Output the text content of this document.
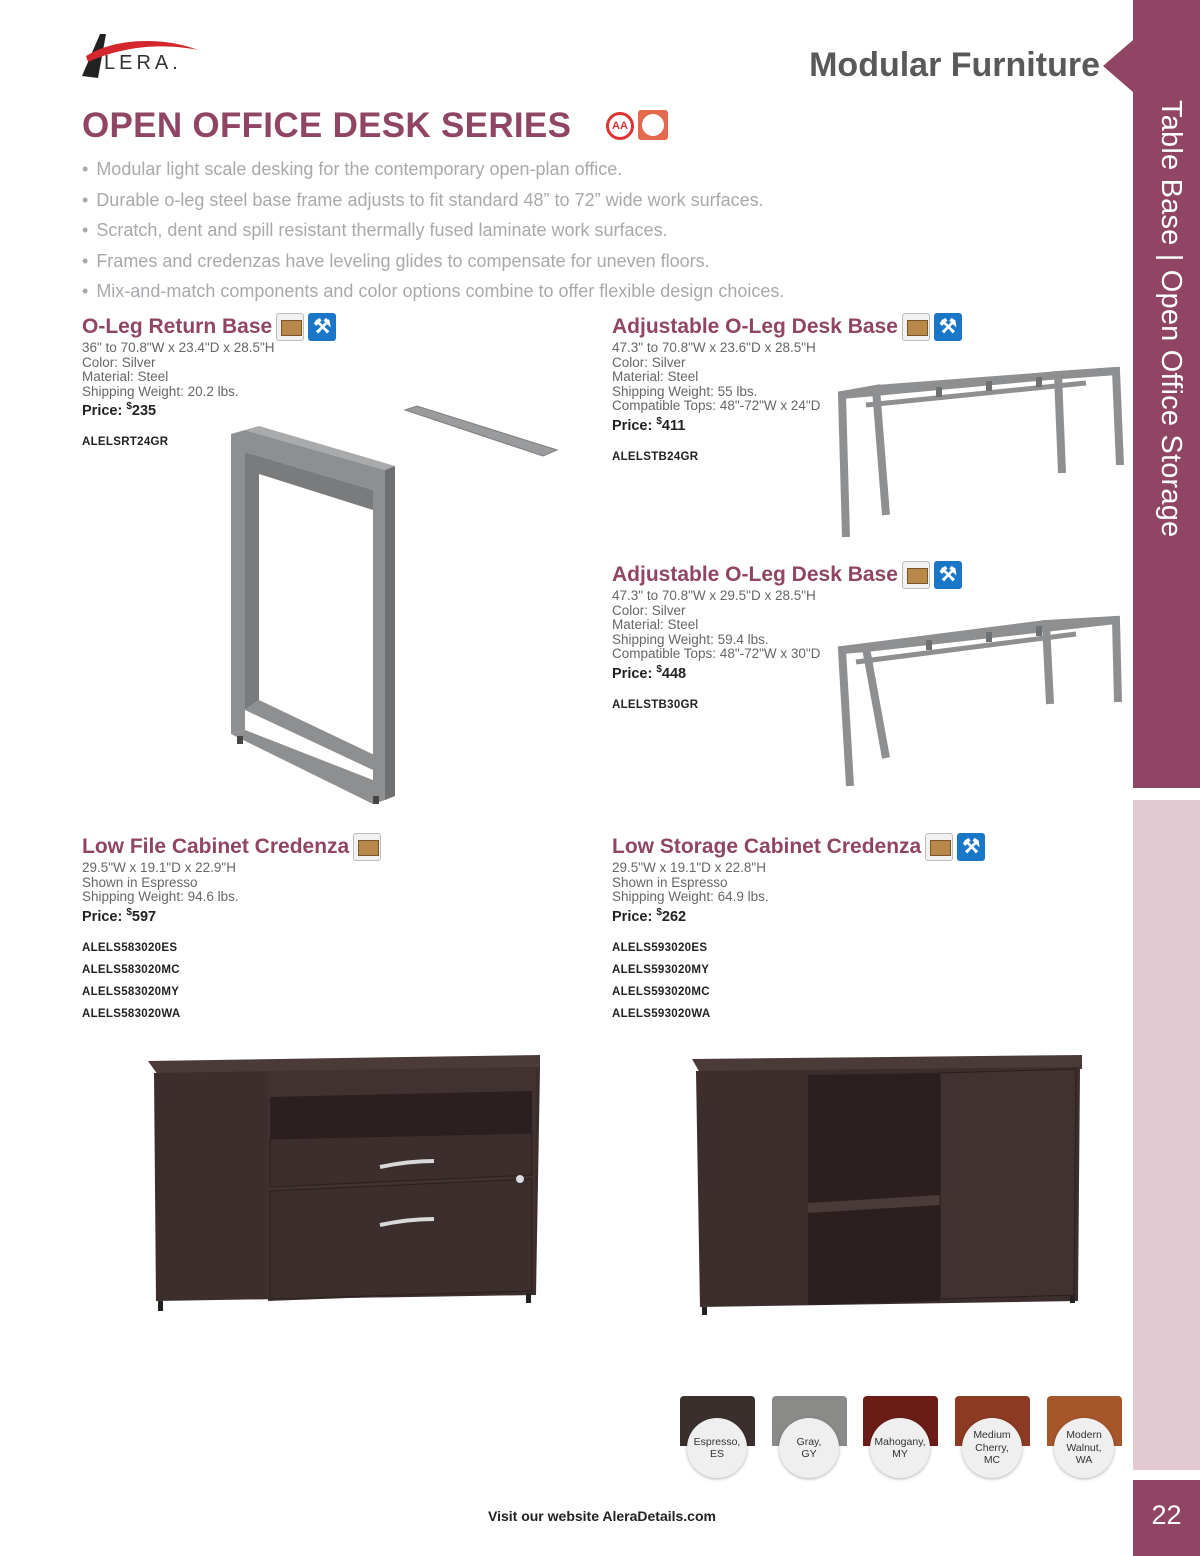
Table Base | Open Office Storage
22
LERA.	Modular Furniture
OPEN OFFICE DESK SERIES	AA
• Modular light scale desking for the contemporary open-plan office.
• Durable o-leg steel base frame adjusts to fit standard 48” to 72” wide work surfaces.
• Scratch, dent and spill resistant thermally fused laminate work surfaces.
• Frames and credenzas have leveling glides to compensate for uneven floors.
• Mix-and-match components and color options combine to offer flexible design choices.
O-Leg Return Base ⚒
36" to 70.8"W x 23.4"D x 28.5"H
Color: Silver
Material: Steel
Shipping Weight: 20.2 lbs.
Price: $235
ALELSRT24GR
Adjustable O-Leg Desk Base ⚒
47.3" to 70.8"W x 23.6"D x 28.5"H
Color: Silver
Material: Steel
Shipping Weight: 55 lbs.
Compatible Tops: 48"-72"W x 24"D
Price: $411
ALELSTB24GR
Adjustable O-Leg Desk Base ⚒
47.3" to 70.8"W x 29.5"D x 28.5"H
Color: Silver
Material: Steel
Shipping Weight: 59.4 lbs.
Compatible Tops: 48"-72"W x 30"D
Price: $448
ALELSTB30GR
Low File Cabinet Credenza
29.5"W x 19.1"D x 22.9"H
Shown in Espresso
Shipping Weight: 94.6 lbs.
Price: $597
ALELS583020ES
ALELS583020MC
ALELS583020MY
ALELS583020WA
Low Storage Cabinet Credenza ⚒
29.5"W x 19.1"D x 22.8"H
Shown in Espresso
Shipping Weight: 64.9 lbs.
Price: $262
ALELS593020ES
ALELS593020MY
ALELS593020MC
ALELS593020WA
Espresso,
ES
Gray,
GY
Mahogany,
MY
Medium
Cherry,
MC
Modern
Walnut,
WA
Visit our website AleraDetails.com
